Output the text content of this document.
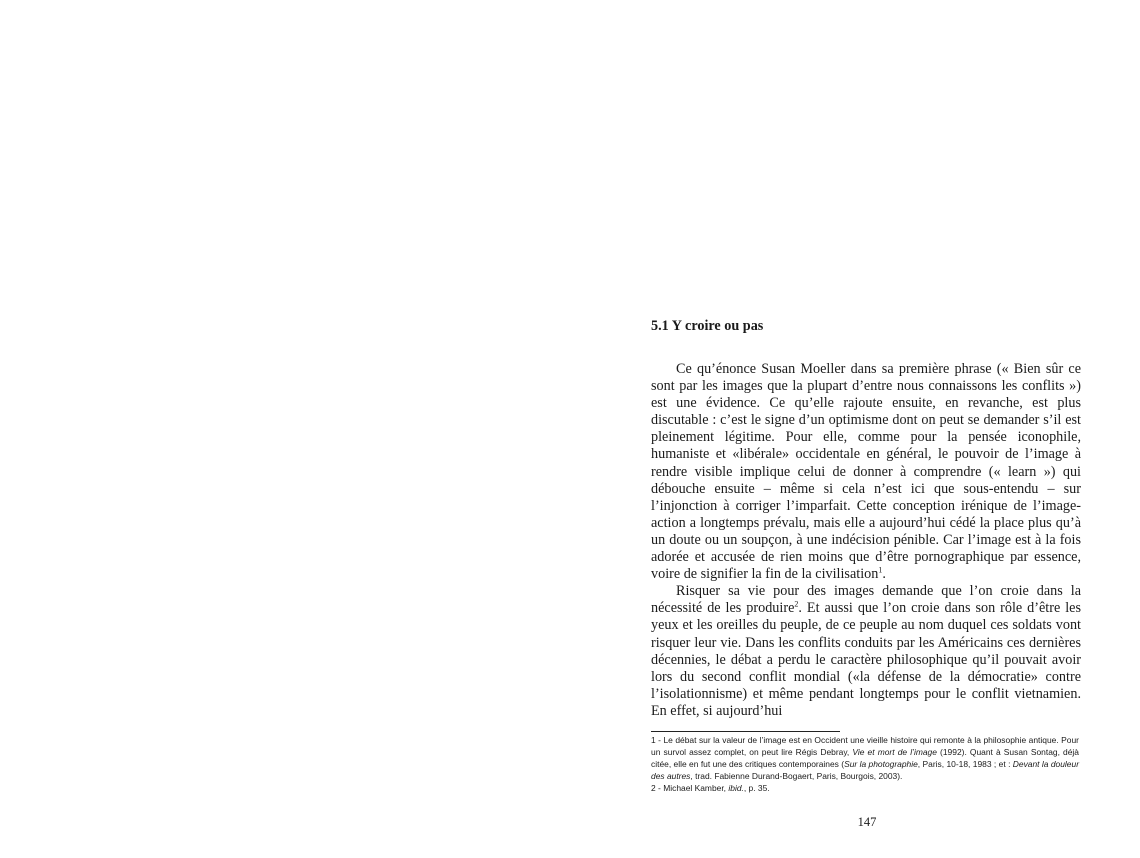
5.1 Y croire ou pas

Ce qu’énonce Susan Moeller dans sa première phrase (« Bien sûr ce sont par les images que la plupart d’entre nous connaissons les conflits ») est une évidence. Ce qu’elle rajoute ensuite, en revanche, est plus discutable : c’est le signe d’un optimisme dont on peut se demander s’il est pleinement légitime. Pour elle, comme pour la pensée iconophile, humaniste et «libérale» occidentale en général, le pouvoir de l’image à rendre visible implique celui de donner à comprendre (« learn ») qui débouche ensuite – même si cela n’est ici que sous-entendu – sur l’injonction à corriger l’imparfait. Cette conception irénique de l’image-action a longtemps prévalu, mais elle a aujourd’hui cédé la place plus qu’à un doute ou un soupçon, à une indécision pénible. Car l’image est à la fois adorée et accusée de rien moins que d’être pornographique par essence, voire de signifier la fin de la civilisation$^1$.

Risquer sa vie pour des images demande que l’on croie dans la nécessité de les produire$^2$. Et aussi que l’on croie dans son rôle d’être les yeux et les oreilles du peuple, de ce peuple au nom duquel ces soldats vont risquer leur vie. Dans les conflits conduits par les Américains ces dernières décennies, le débat a perdu le caractère philosophique qu’il pouvait avoir lors du second conflit mondial («la défense de la démocratie» contre l’isolationnisme) et même pendant longtemps pour le conflit vietnamien. En effet, si aujourd’hui

1 - Le débat sur la valeur de l’image est en Occident une vieille histoire qui remonte à la philosophie antique. Pour un survol assez complet, on peut lire Régis Debray, Vie et mort de l’image (1992). Quant à Susan Sontag, déjà citée, elle en fut une des critiques contemporaines (Sur la photographie, Paris, 10-18, 1983 ; et : Devant la douleur des autres, trad. Fabienne Durand-Bogaert, Paris, Bourgois, 2003).

2 - Michael Kamber, ibid., p. 35.

147
